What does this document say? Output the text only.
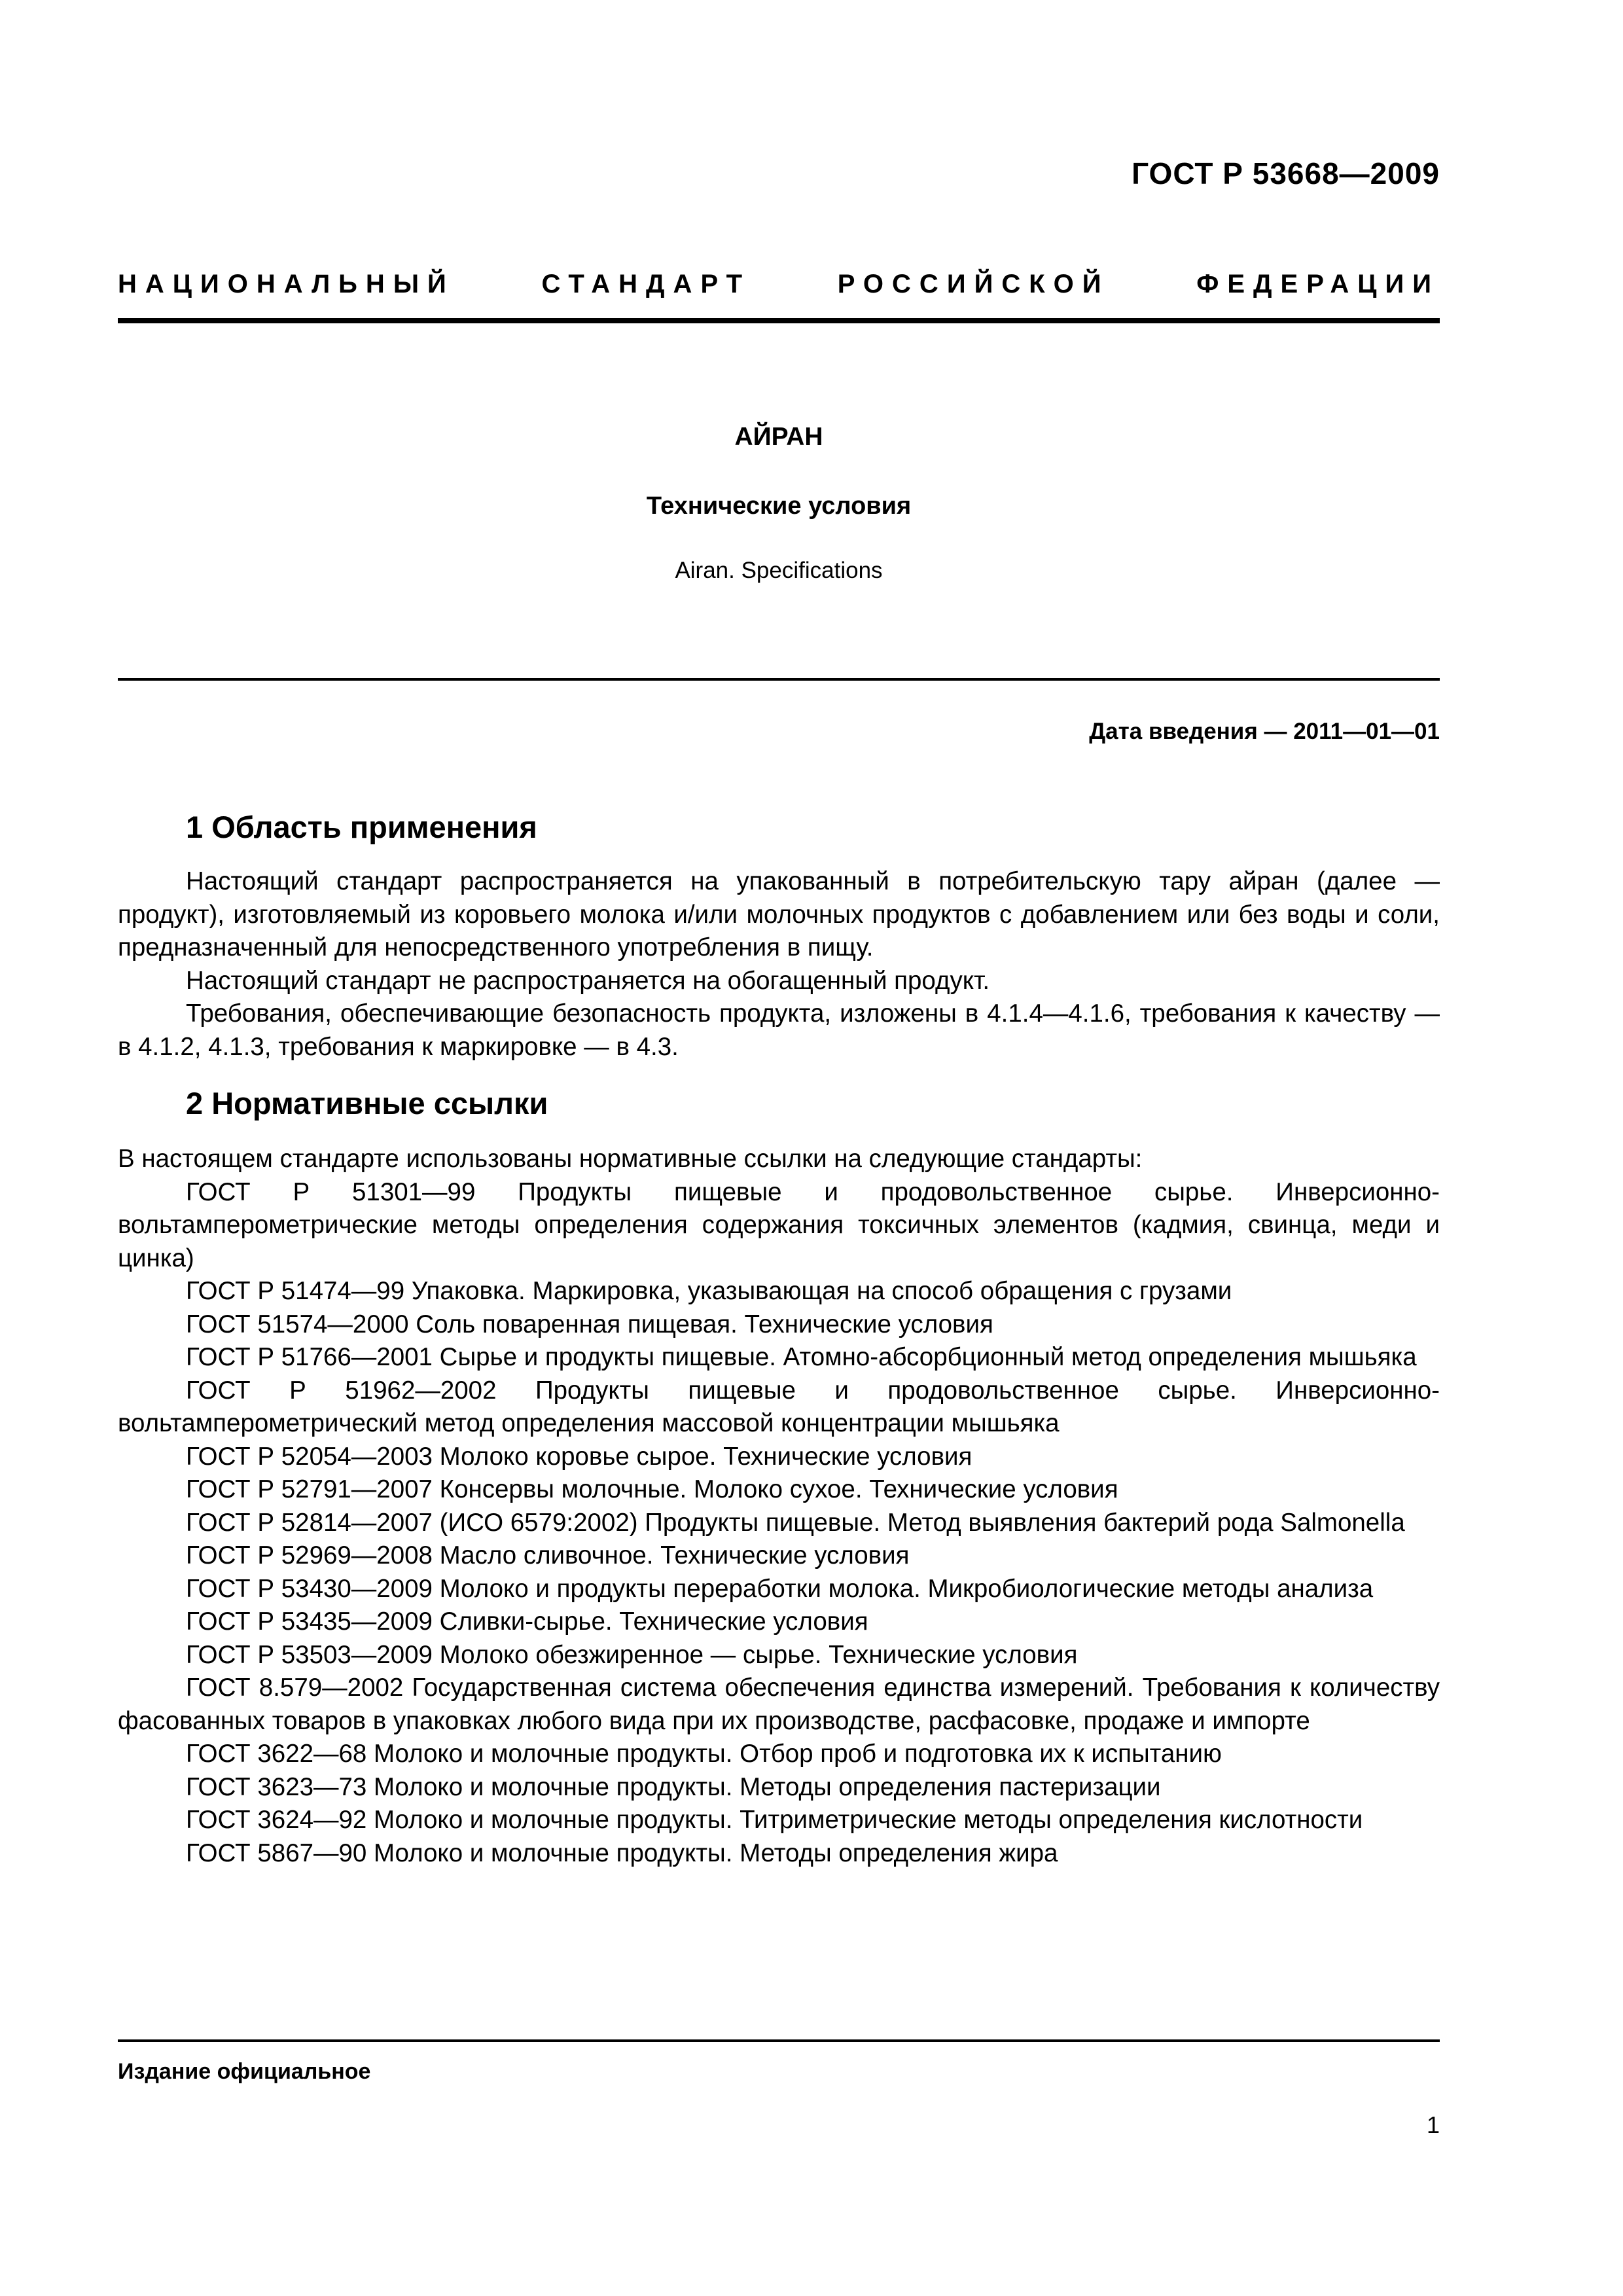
ГОСТ Р 53668—2009
НАЦИОНАЛЬНЫЙ СТАНДАРТ РОССИЙСКОЙ ФЕДЕРАЦИИ
АЙРАН
Технические условия
Airan. Specifications
Дата введения — 2011—01—01
1 Область применения

Настоящий стандарт распространяется на упакованный в потребительскую тару айран (далее — продукт), изготовляемый из коровьего молока и/или молочных продуктов с добавлением или без воды и соли, предназначенный для непосредственного употребления в пищу.

Настоящий стандарт не распространяется на обогащенный продукт.

Требования, обеспечивающие безопасность продукта, изложены в 4.1.4—4.1.6, требования к качеству — в 4.1.2, 4.1.3, требования к маркировке — в 4.3.

2 Нормативные ссылки

В настоящем стандарте использованы нормативные ссылки на следующие стандарты:

ГОСТ Р 51301—99 Продукты пищевые и продовольственное сырье. Инверсионно-вольтамперометрические методы определения содержания токсичных элементов (кадмия, свинца, меди и цинка)

ГОСТ Р 51474—99 Упаковка. Маркировка, указывающая на способ обращения с грузами

ГОСТ 51574—2000 Соль поваренная пищевая. Технические условия

ГОСТ Р 51766—2001 Сырье и продукты пищевые. Атомно-абсорбционный метод определения мышьяка

ГОСТ Р 51962—2002 Продукты пищевые и продовольственное сырье. Инверсионно-вольтамперометрический метод определения массовой концентрации мышьяка

ГОСТ Р 52054—2003 Молоко коровье сырое. Технические условия

ГОСТ Р 52791—2007 Консервы молочные. Молоко сухое. Технические условия

ГОСТ Р 52814—2007 (ИСО 6579:2002) Продукты пищевые. Метод выявления бактерий рода Salmonella

ГОСТ Р 52969—2008 Масло сливочное. Технические условия

ГОСТ Р 53430—2009 Молоко и продукты переработки молока. Микробиологические методы анализа

ГОСТ Р 53435—2009 Сливки-сырье. Технические условия

ГОСТ Р 53503—2009 Молоко обезжиренное — сырье. Технические условия

ГОСТ 8.579—2002 Государственная система обеспечения единства измерений. Требования к количеству фасованных товаров в упаковках любого вида при их производстве, расфасовке, продаже и импорте

ГОСТ 3622—68 Молоко и молочные продукты. Отбор проб и подготовка их к испытанию

ГОСТ 3623—73 Молоко и молочные продукты. Методы определения пастеризации

ГОСТ 3624—92 Молоко и молочные продукты. Титриметрические методы определения кислотности

ГОСТ 5867—90 Молоко и молочные продукты. Методы определения жира

Издание официальное
1
